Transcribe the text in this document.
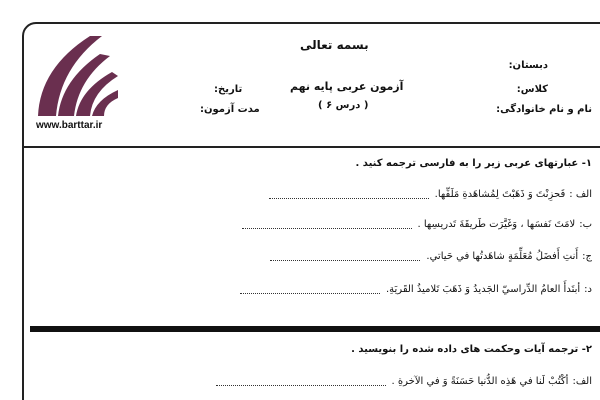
www.barttar.ir
بسمه تعالی
آزمون عربی پایه نهم
( درس ۶ )
دبستان:
کلاس:
نام و نام خانوادگی:
تاریخ:
مدت آزمون:
۱- عبارتهای عربی زیر را به فارسی ترجمه کنید .
الف :
فَحزِنْتَ وَ ذَهَبْتَ لِمُشاهَدةِ مَلَفِّها.
ب:
لامَتَ نَفسَها ، وَغَيَّرَت طَريقَةَ تَدريسِها .
ج:
أَنتِ أَفضَلُ مُعَلِّمَةٍ شاهَدتُها في حَياتي.
د:
أبتَدأَ العامُ الدِّراسيّ الجَديدُ وَ ذَهَبَ تَلاميذُ القَريَةِ.
۲- ترجمه آیات وحکمت های داده شده را بنویسید .
الف:
أكْتُبْ لَنا في هَذِه الدُّنيا حَسَنَةً وَ في الآخرةِ .
